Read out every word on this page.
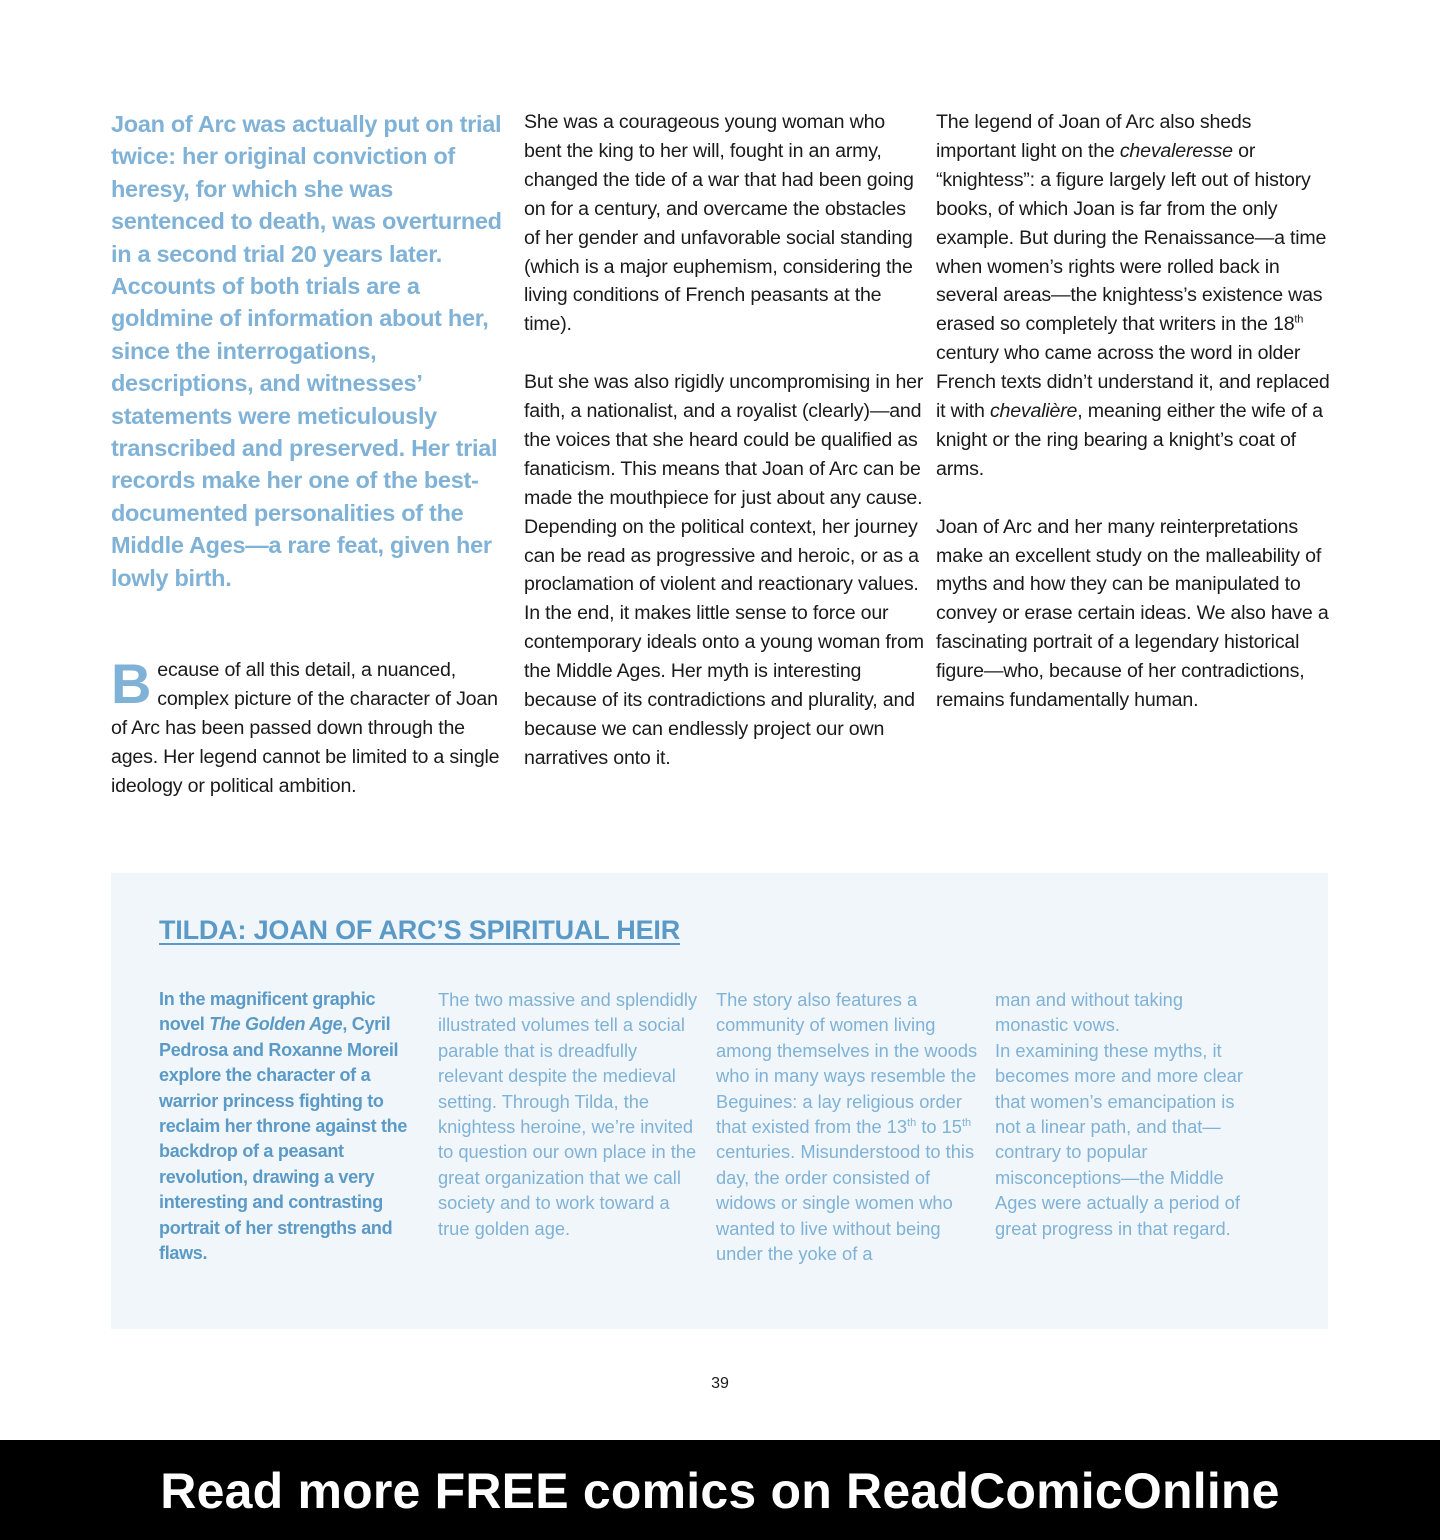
Joan of Arc was actually put on trial twice: her original conviction of heresy, for which she was sentenced to death, was overturned in a second trial 20 years later. Accounts of both trials are a goldmine of information about her, since the interrogations, descriptions, and witnesses’ statements were meticulously transcribed and preserved. Her trial records make her one of the best-documented personalities of the Middle Ages—a rare feat, given her lowly birth.

Because of all this detail, a nuanced, complex picture of the character of Joan of Arc has been passed down through the ages. Her legend cannot be limited to a single ideology or political ambition.

She was a courageous young woman who bent the king to her will, fought in an army, changed the tide of a war that had been going on for a century, and overcame the obstacles of her gender and unfavorable social standing (which is a major euphemism, considering the living conditions of French peasants at the time).

But she was also rigidly uncompromising in her faith, a nationalist, and a royalist (clearly)—and the voices that she heard could be qualified as fanaticism. This means that Joan of Arc can be made the mouthpiece for just about any cause. Depending on the political context, her journey can be read as progressive and heroic, or as a proclamation of violent and reactionary values. In the end, it makes little sense to force our contemporary ideals onto a young woman from the Middle Ages. Her myth is interesting because of its contradictions and plurality, and because we can endlessly project our own narratives onto it.

The legend of Joan of Arc also sheds important light on the chevaleresse or “knightess”: a figure largely left out of history books, of which Joan is far from the only example. But during the Renaissance—a time when women’s rights were rolled back in several areas—the knightess’s existence was erased so completely that writers in the 18th century who came across the word in older French texts didn’t understand it, and replaced it with chevalière, meaning either the wife of a knight or the ring bearing a knight’s coat of arms.

Joan of Arc and her many reinterpretations make an excellent study on the malleability of myths and how they can be manipulated to convey or erase certain ideas. We also have a fascinating portrait of a legendary historical figure—who, because of her contradictions, remains fundamentally human.

TILDA: JOAN OF ARC’S SPIRITUAL HEIR

In the magnificent graphic novel The Golden Age, Cyril Pedrosa and Roxanne Moreil explore the character of a warrior princess fighting to reclaim her throne against the backdrop of a peasant revolution, drawing a very interesting and contrasting portrait of her strengths and flaws.

The two massive and splendidly illustrated volumes tell a social parable that is dreadfully relevant despite the medieval setting. Through Tilda, the knightess heroine, we’re invited to question our own place in the great organization that we call society and to work toward a true golden age.

The story also features a community of women living among themselves in the woods who in many ways resemble the Beguines: a lay religious order that existed from the 13th to 15th centuries. Misunderstood to this day, the order consisted of widows or single women who wanted to live without being under the yoke of a

man and without taking monastic vows.

In examining these myths, it becomes more and more clear that women’s emancipation is not a linear path, and that—contrary to popular misconceptions—the Middle Ages were actually a period of great progress in that regard.

39
Read more FREE comics on ReadComicOnline
